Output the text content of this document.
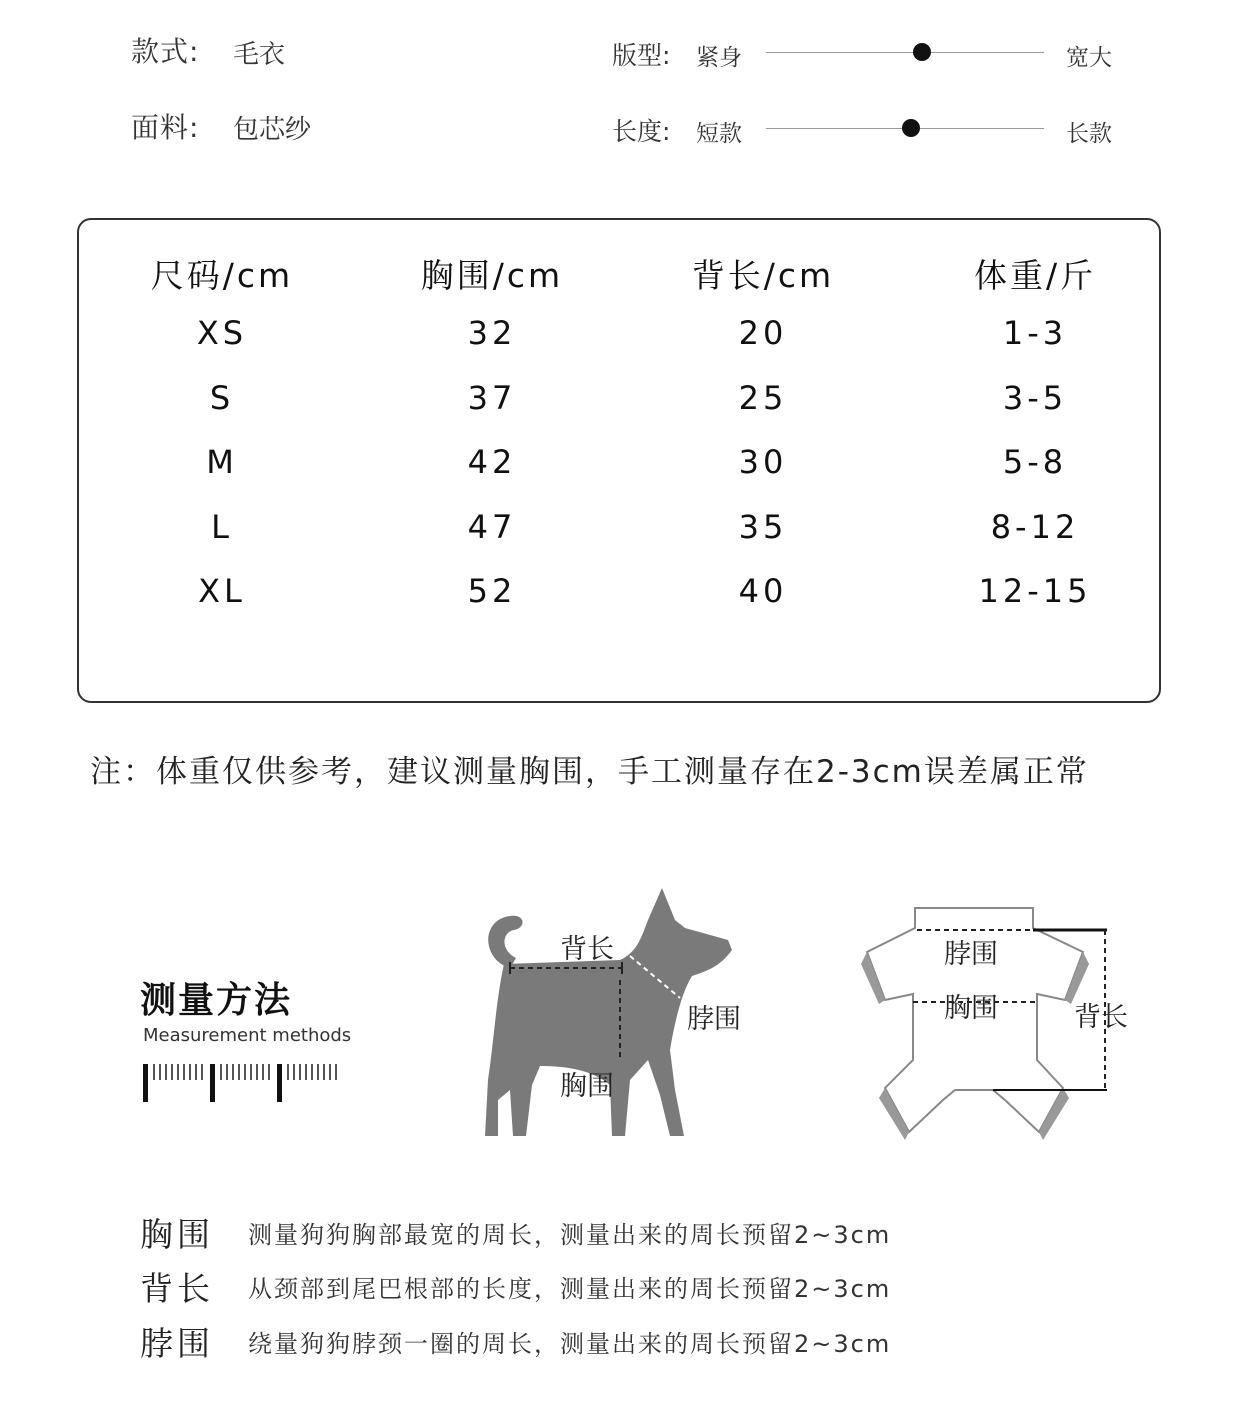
款式: 毛衣
面料: 包芯纱
版型: 紧身	宽大
长度: 短款	长款
尺码/cm	胸围/cm	背长/cm	体重/斤
XS	32	20	1-3
S	37	25	3-5
M	42	30	5-8
L	47	35	8-12
XL	52	40	12-15
注：体重仅供参考，建议测量胸围，手工测量存在2-3cm误差属正常
测量方法
Measurement methods
背长
脖围
胸围
脖围
胸围	背长
胸围 测量狗狗胸部最宽的周长，测量出来的周长预留2~3cm
背长 从颈部到尾巴根部的长度，测量出来的周长预留2~3cm
脖围 绕量狗狗脖颈一圈的周长，测量出来的周长预留2~3cm
